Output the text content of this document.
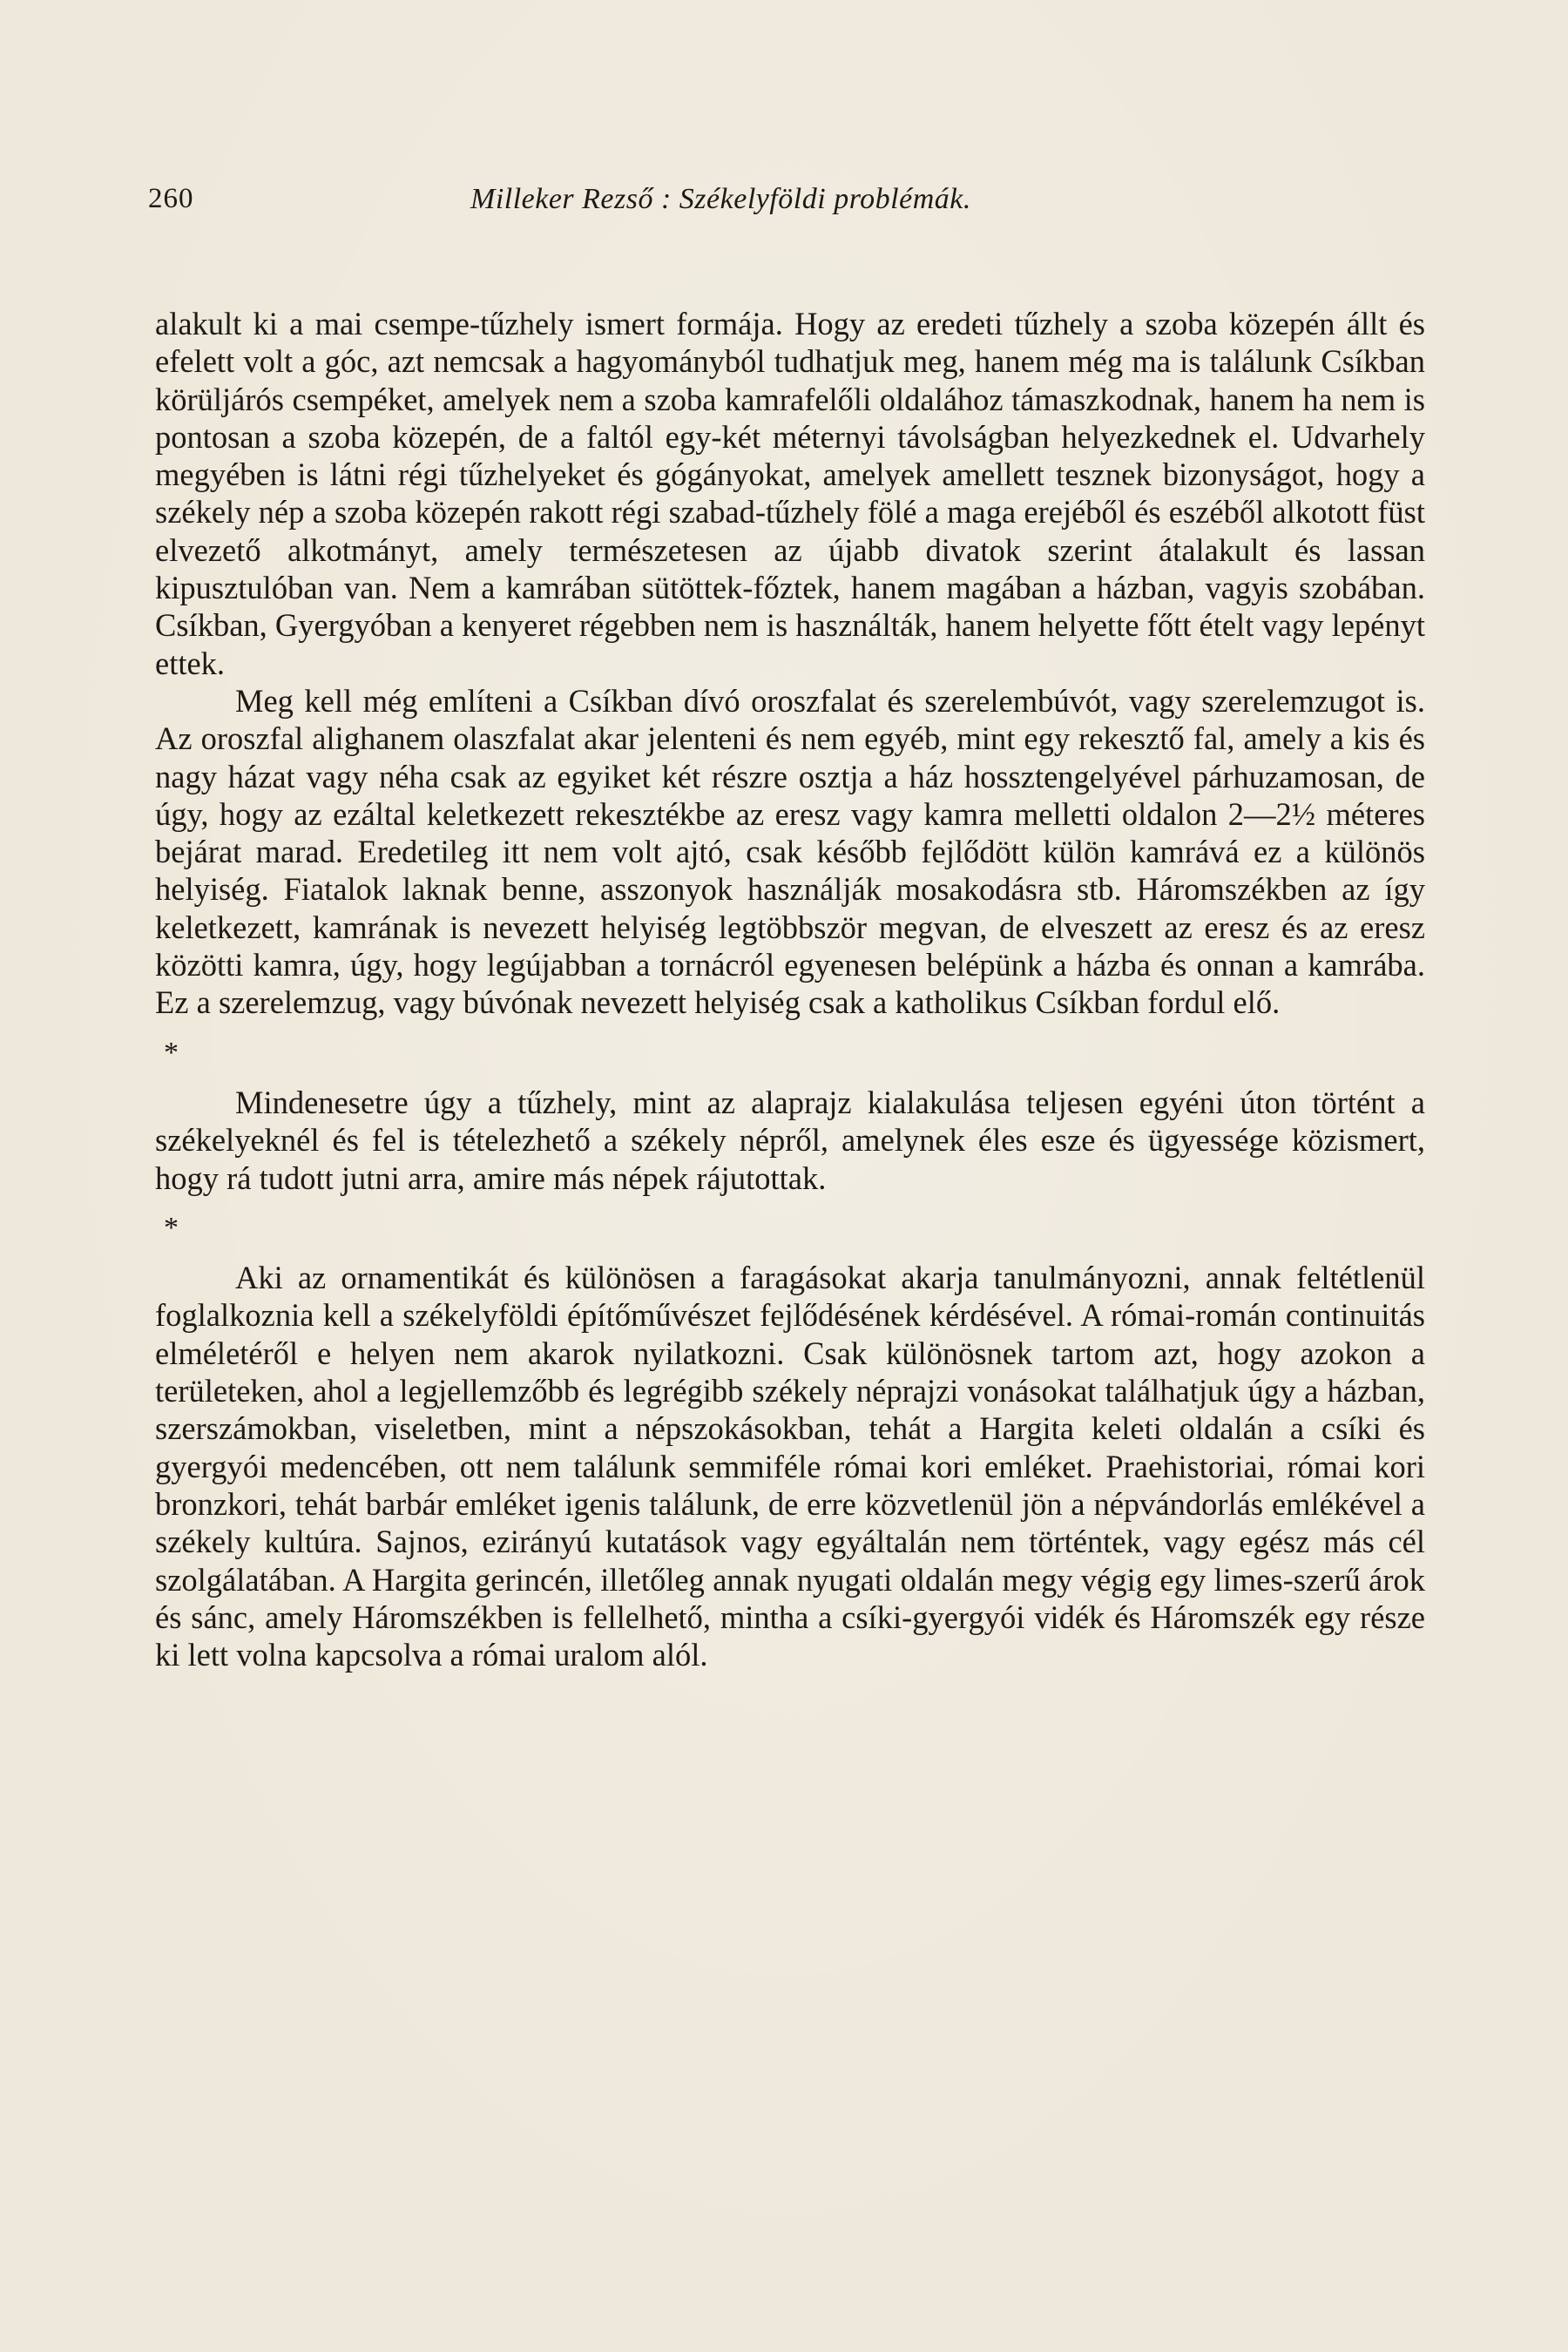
260	Milleker Rezső : Székelyföldi problémák.

alakult ki a mai csempe-tűzhely ismert formája. Hogy az eredeti tűzhely a szoba közepén állt és efelett volt a góc, azt nemcsak a hagyományból tudhatjuk meg, hanem még ma is találunk Csíkban körüljárós csempéket, amelyek nem a szoba kamrafelőli oldalához támaszkodnak, hanem ha nem is pontosan a szoba közepén, de a faltól egy-két méternyi távolságban helyezkednek el. Udvarhely megyében is látni régi tűzhelyeket és gógányokat, amelyek amellett tesznek bizonyságot, hogy a székely nép a szoba közepén rakott régi szabad-tűzhely fölé a maga erejéből és eszéből alkotott füst elvezető alkotmányt, amely természetesen az újabb divatok szerint átalakult és lassan kipusztulóban van. Nem a kamrában sütöttek-főztek, hanem magában a házban, vagyis szobában. Csíkban, Gyergyóban a kenyeret régebben nem is használták, hanem helyette főtt ételt vagy lepényt ettek.

Meg kell még említeni a Csíkban dívó oroszfalat és szerelembúvót, vagy szerelemzugot is. Az oroszfal alighanem olaszfalat akar jelenteni és nem egyéb, mint egy rekesztő fal, amely a kis és nagy házat vagy néha csak az egyiket két részre osztja a ház hossztengelyével párhuzamosan, de úgy, hogy az ezáltal keletkezett rekesztékbe az eresz vagy kamra melletti oldalon 2—2½ méteres bejárat marad. Eredetileg itt nem volt ajtó, csak később fejlődött külön kamrává ez a különös helyiség. Fiatalok laknak benne, asszonyok használják mosakodásra stb. Háromszékben az így keletkezett, kamrának is nevezett helyiség legtöbbször megvan, de elveszett az eresz és az eresz közötti kamra, úgy, hogy legújabban a tornácról egyenesen belépünk a házba és onnan a kamrába. Ez a szerelemzug, vagy búvónak nevezett helyiség csak a katholikus Csíkban fordul elő.

*

Mindenesetre úgy a tűzhely, mint az alaprajz kialakulása teljesen egyéni úton történt a székelyeknél és fel is tételezhető a székely népről, amelynek éles esze és ügyessége közismert, hogy rá tudott jutni arra, amire más népek rájutottak.

*

Aki az ornamentikát és különösen a faragásokat akarja tanulmányozni, annak feltétlenül foglalkoznia kell a székelyföldi építőművészet fejlődésének kérdésével. A római-román continuitás elméletéről e helyen nem akarok nyilatkozni. Csak különösnek tartom azt, hogy azokon a területeken, ahol a legjellemzőbb és legrégibb székely néprajzi vonásokat találhatjuk úgy a házban, szerszámokban, viseletben, mint a népszokásokban, tehát a Hargita keleti oldalán a csíki és gyergyói medencében, ott nem találunk semmiféle római kori emléket. Praehistoriai, római kori bronzkori, tehát barbár emléket igenis találunk, de erre közvetlenül jön a népvándorlás emlékével a székely kultúra. Sajnos, ezirányú kutatások vagy egyáltalán nem történtek, vagy egész más cél szolgálatában. A Hargita gerincén, illetőleg annak nyugati oldalán megy végig egy limes-szerű árok és sánc, amely Háromszékben is fellelhető, mintha a csíki-gyergyói vidék és Háromszék egy része ki lett volna kapcsolva a római uralom alól.
